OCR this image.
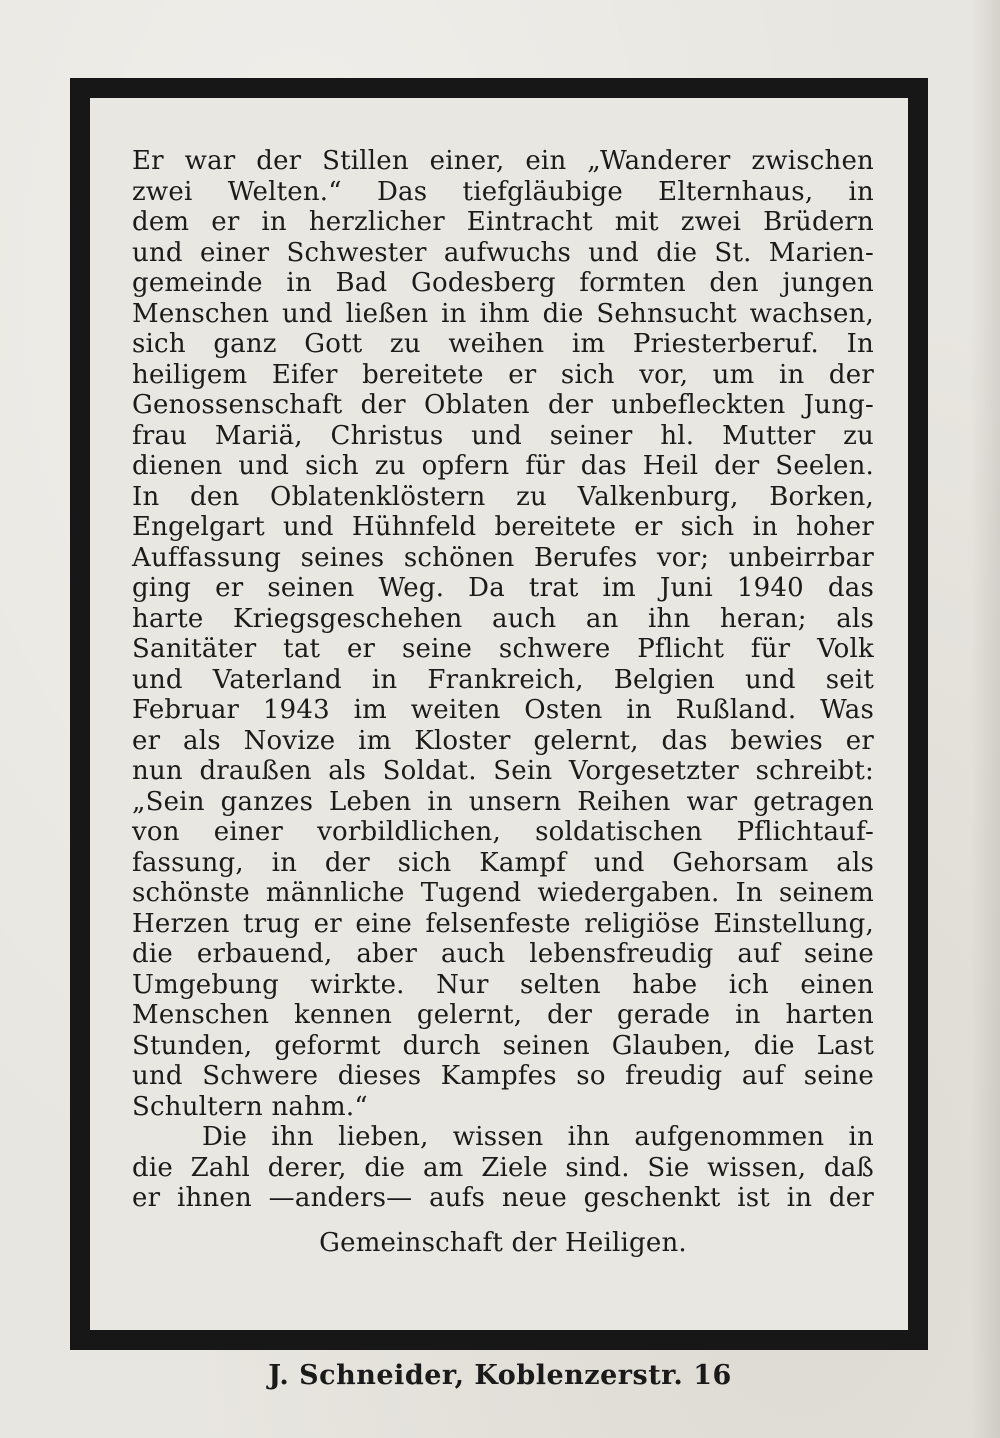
Er war der Stillen einer, ein „Wanderer zwischen
zwei Welten.“ Das tiefgläubige Elternhaus, in
dem er in herzlicher Eintracht mit zwei Brüdern
und einer Schwester aufwuchs und die St. Marien-
gemeinde in Bad Godesberg formten den jungen
Menschen und ließen in ihm die Sehnsucht wachsen,
sich ganz Gott zu weihen im Priesterberuf. In
heiligem Eifer bereitete er sich vor, um in der
Genossenschaft der Oblaten der unbefleckten Jung-
frau Mariä, Christus und seiner hl. Mutter zu
dienen und sich zu opfern für das Heil der Seelen.
In den Oblatenklöstern zu Valkenburg, Borken,
Engelgart und Hühnfeld bereitete er sich in hoher
Auffassung seines schönen Berufes vor; unbeirrbar
ging er seinen Weg. Da trat im Juni 1940 das
harte Kriegsgeschehen auch an ihn heran; als
Sanitäter tat er seine schwere Pflicht für Volk
und Vaterland in Frankreich, Belgien und seit
Februar 1943 im weiten Osten in Rußland. Was
er als Novize im Kloster gelernt, das bewies er
nun draußen als Soldat. Sein Vorgesetzter schreibt:
„Sein ganzes Leben in unsern Reihen war getragen
von einer vorbildlichen, soldatischen Pflichtauf-
fassung, in der sich Kampf und Gehorsam als
schönste männliche Tugend wiedergaben. In seinem
Herzen trug er eine felsenfeste religiöse Einstellung,
die erbauend, aber auch lebensfreudig auf seine
Umgebung wirkte. Nur selten habe ich einen
Menschen kennen gelernt, der gerade in harten
Stunden, geformt durch seinen Glauben, die Last
und Schwere dieses Kampfes so freudig auf seine
Schultern nahm.“
Die ihn lieben, wissen ihn aufgenommen in
die Zahl derer, die am Ziele sind. Sie wissen, daß
er ihnen —anders— aufs neue geschenkt ist in der
Gemeinschaft der Heiligen.
J. Schneider, Koblenzerstr. 16
